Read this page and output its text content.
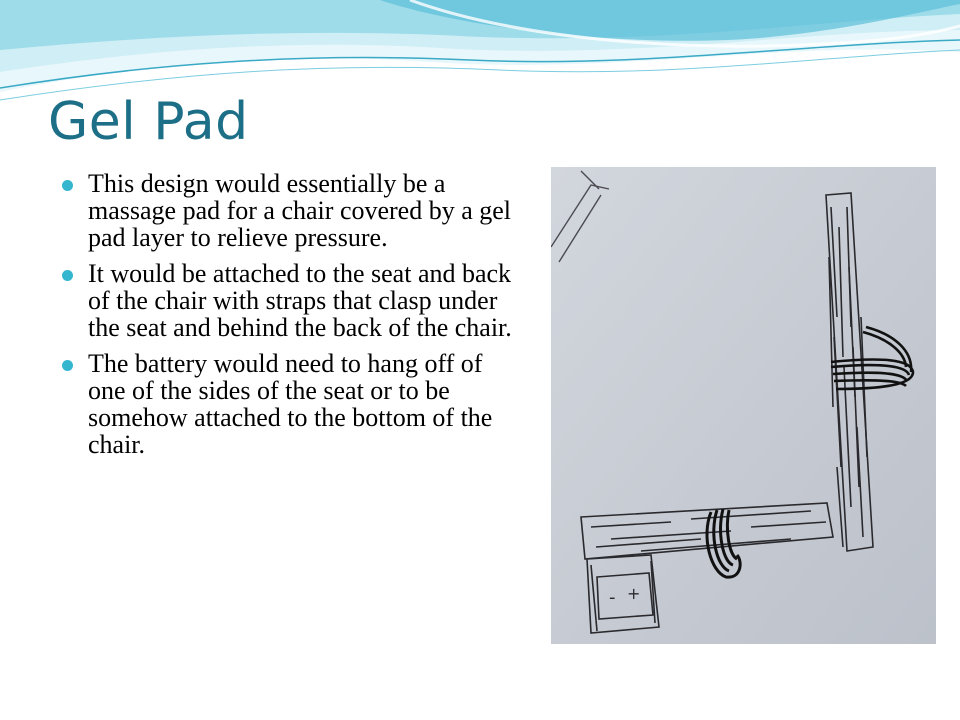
Gel Pad
This design would essentially be a massage pad for a chair covered by a gel pad layer to relieve pressure.
It would be attached to the seat and back of the chair with straps that clasp under the seat and behind the back of the chair.
The battery would need to hang off of one of the sides of the seat or to be somehow attached to the bottom of the chair.
- +
